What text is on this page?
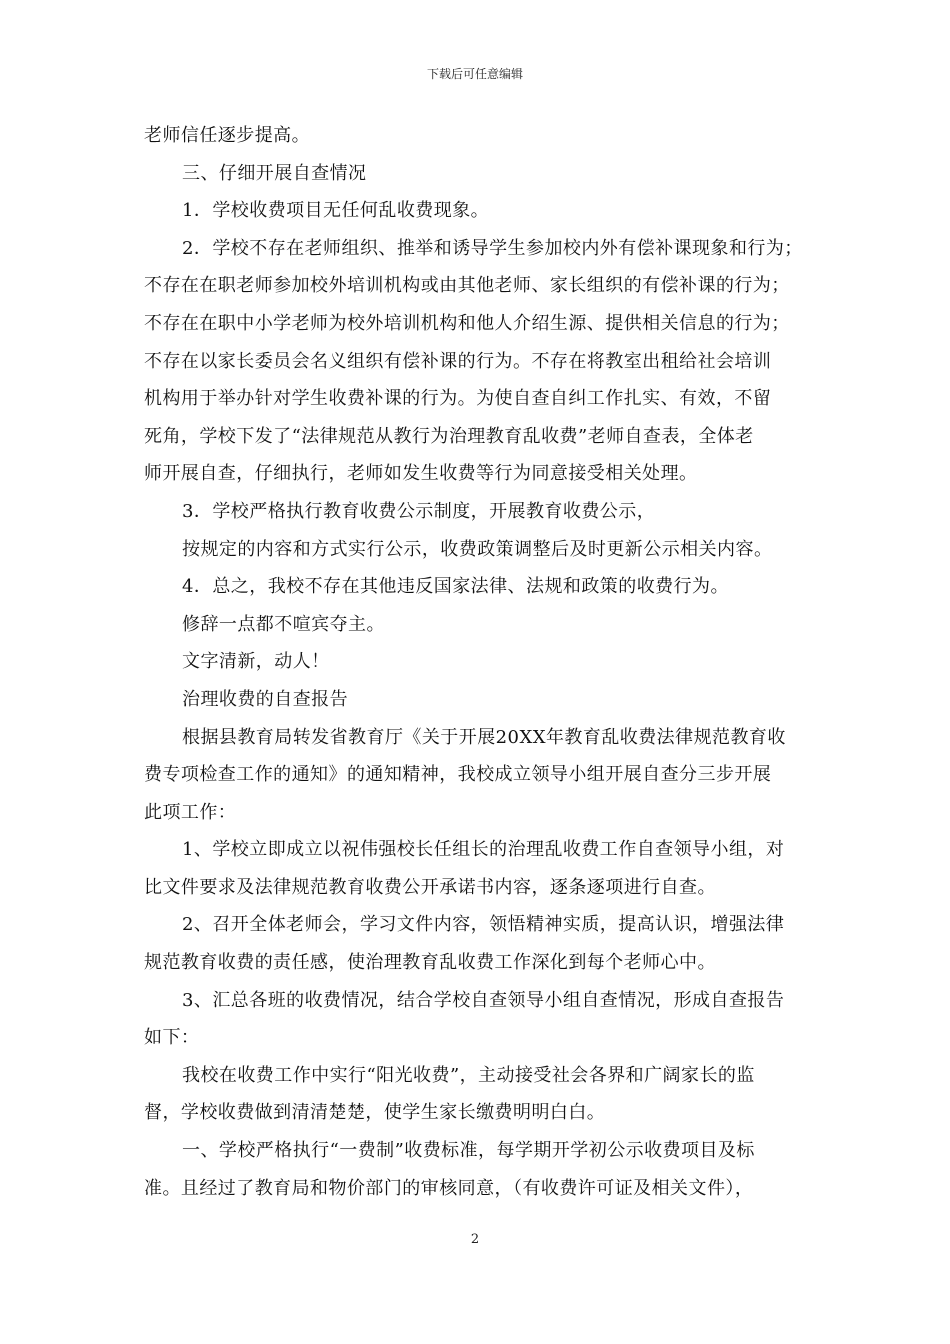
下载后可任意编辑
老师信任逐步提高。
三、仔细开展自查情况
1．学校收费项目无任何乱收费现象。
2．学校不存在老师组织、推举和诱导学生参加校内外有偿补课现象和行为；
不存在在职老师参加校外培训机构或由其他老师、家长组织的有偿补课的行为；
不存在在职中小学老师为校外培训机构和他人介绍生源、提供相关信息的行为；
不存在以家长委员会名义组织有偿补课的行为。不存在将教室出租给社会培训
机构用于举办针对学生收费补课的行为。为使自查自纠工作扎实、有效，不留
死角，学校下发了“法律规范从教行为治理教育乱收费”老师自查表，全体老
师开展自查，仔细执行，老师如发生收费等行为同意接受相关处理。
3．学校严格执行教育收费公示制度，开展教育收费公示，
按规定的内容和方式实行公示，收费政策调整后及时更新公示相关内容。
4．总之，我校不存在其他违反国家法律、法规和政策的收费行为。
修辞一点都不喧宾夺主。
文字清新，动人！
治理收费的自查报告
根据县教育局转发省教育厅《关于开展20XX年教育乱收费法律规范教育收
费专项检查工作的通知》的通知精神，我校成立领导小组开展自查分三步开展
此项工作：
1、学校立即成立以祝伟强校长任组长的治理乱收费工作自查领导小组，对
比文件要求及法律规范教育收费公开承诺书内容，逐条逐项进行自查。
2、召开全体老师会，学习文件内容，领悟精神实质，提高认识，增强法律
规范教育收费的责任感，使治理教育乱收费工作深化到每个老师心中。
3、汇总各班的收费情况，结合学校自查领导小组自查情况，形成自查报告
如下：
我校在收费工作中实行“阳光收费”，主动接受社会各界和广阔家长的监
督，学校收费做到清清楚楚，使学生家长缴费明明白白。
一、学校严格执行“一费制”收费标准，每学期开学初公示收费项目及标
准。且经过了教育局和物价部门的审核同意，（有收费许可证及相关文件），
2
